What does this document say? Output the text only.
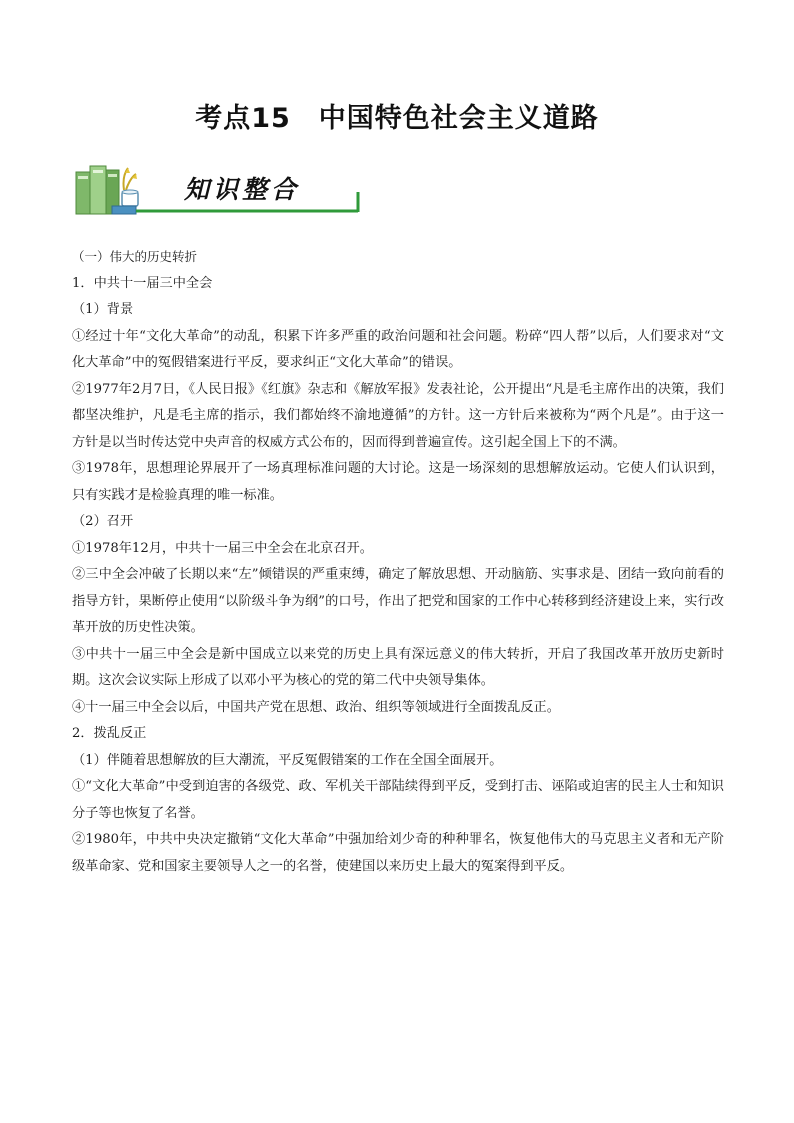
考点15　中国特色社会主义道路
知识整合

（一）伟大的历史转折

1．中共十一届三中全会

（1）背景

①经过十年“文化大革命”的动乱，积累下许多严重的政治问题和社会问题。粉碎“四人帮”以后，人们要求对“文化大革命”中的冤假错案进行平反，要求纠正“文化大革命”的错误。

②1977年2月7日，《人民日报》《红旗》杂志和《解放军报》发表社论，公开提出“凡是毛主席作出的决策，我们都坚决维护，凡是毛主席的指示，我们都始终不渝地遵循”的方针。这一方针后来被称为“两个凡是”。由于这一方针是以当时传达党中央声音的权威方式公布的，因而得到普遍宣传。这引起全国上下的不满。

③1978年，思想理论界展开了一场真理标准问题的大讨论。这是一场深刻的思想解放运动。它使人们认识到，只有实践才是检验真理的唯一标准。

（2）召开

①1978年12月，中共十一届三中全会在北京召开。

②三中全会冲破了长期以来“左”倾错误的严重束缚，确定了解放思想、开动脑筋、实事求是、团结一致向前看的指导方针，果断停止使用“以阶级斗争为纲”的口号，作出了把党和国家的工作中心转移到经济建设上来，实行改革开放的历史性决策。

③中共十一届三中全会是新中国成立以来党的历史上具有深远意义的伟大转折，开启了我国改革开放历史新时期。这次会议实际上形成了以邓小平为核心的党的第二代中央领导集体。

④十一届三中全会以后，中国共产党在思想、政治、组织等领域进行全面拨乱反正。

2．拨乱反正

（1）伴随着思想解放的巨大潮流，平反冤假错案的工作在全国全面展开。

①“文化大革命”中受到迫害的各级党、政、军机关干部陆续得到平反，受到打击、诬陷或迫害的民主人士和知识分子等也恢复了名誉。

②1980年，中共中央决定撤销“文化大革命”中强加给刘少奇的种种罪名，恢复他伟大的马克思主义者和无产阶级革命家、党和国家主要领导人之一的名誉，使建国以来历史上最大的冤案得到平反。
